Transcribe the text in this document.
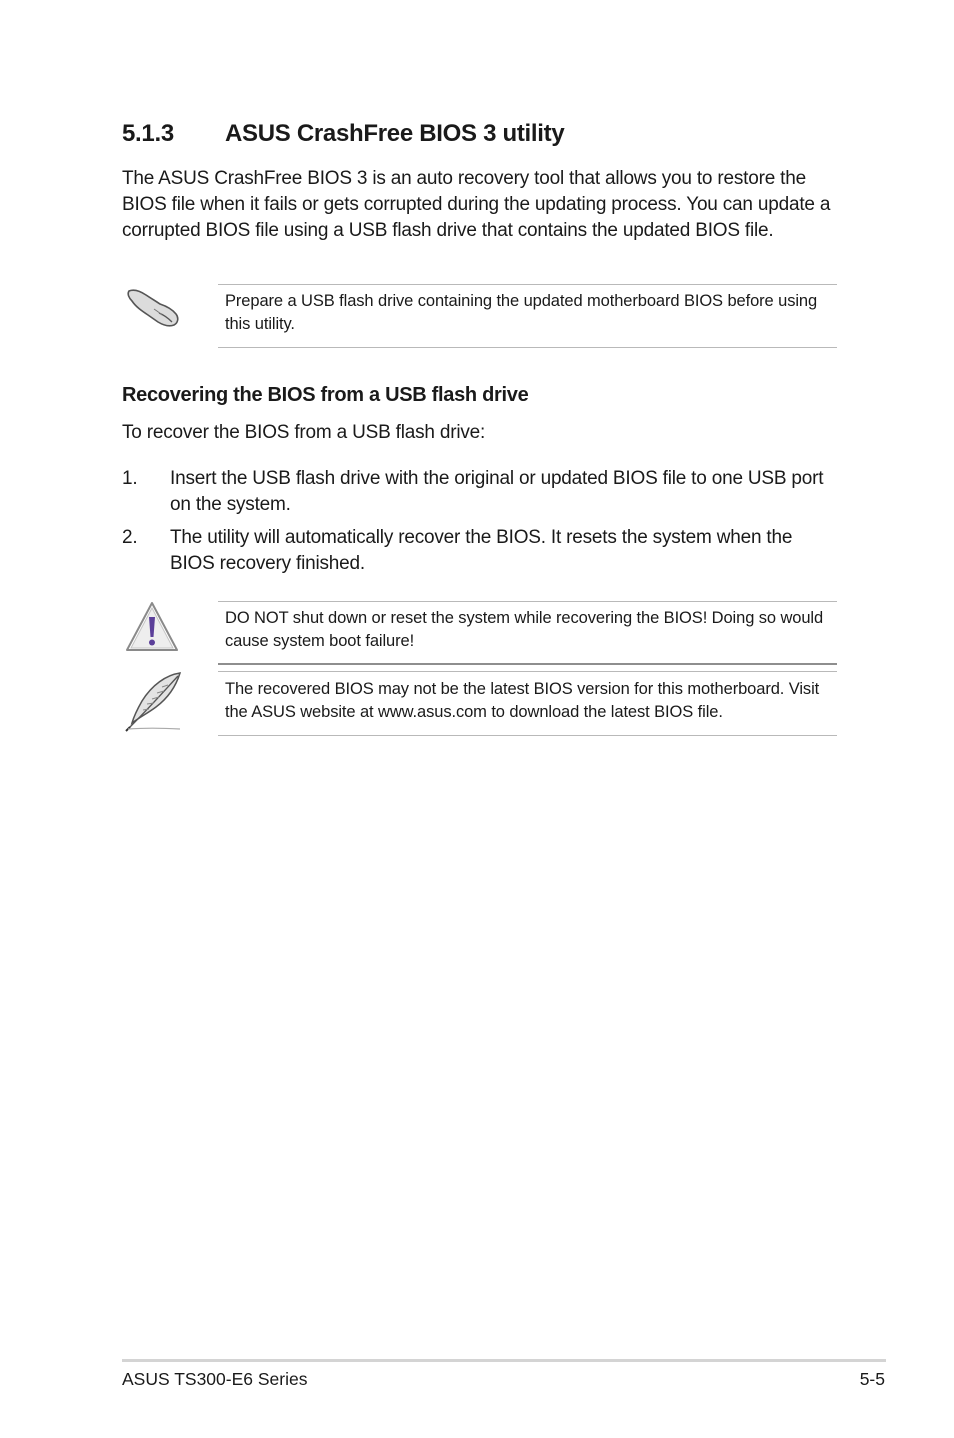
5.1.3 ASUS CrashFree BIOS 3 utility
The ASUS CrashFree BIOS 3 is an auto recovery tool that allows you to restore the BIOS file when it fails or gets corrupted during the updating process. You can update a corrupted BIOS file using a USB flash drive that contains the updated BIOS file.
Prepare a USB flash drive containing the updated motherboard BIOS before using this utility.
Recovering the BIOS from a USB flash drive
To recover the BIOS from a USB flash drive:
1. Insert the USB flash drive with the original or updated BIOS file to one USB port on the system.
2. The utility will automatically recover the BIOS. It resets the system when the BIOS recovery finished.
DO NOT shut down or reset the system while recovering the BIOS! Doing so would cause system boot failure!
The recovered BIOS may not be the latest BIOS version for this motherboard. Visit the ASUS website at www.asus.com to download the latest BIOS file.
ASUS TS300-E6 Series	5-5
